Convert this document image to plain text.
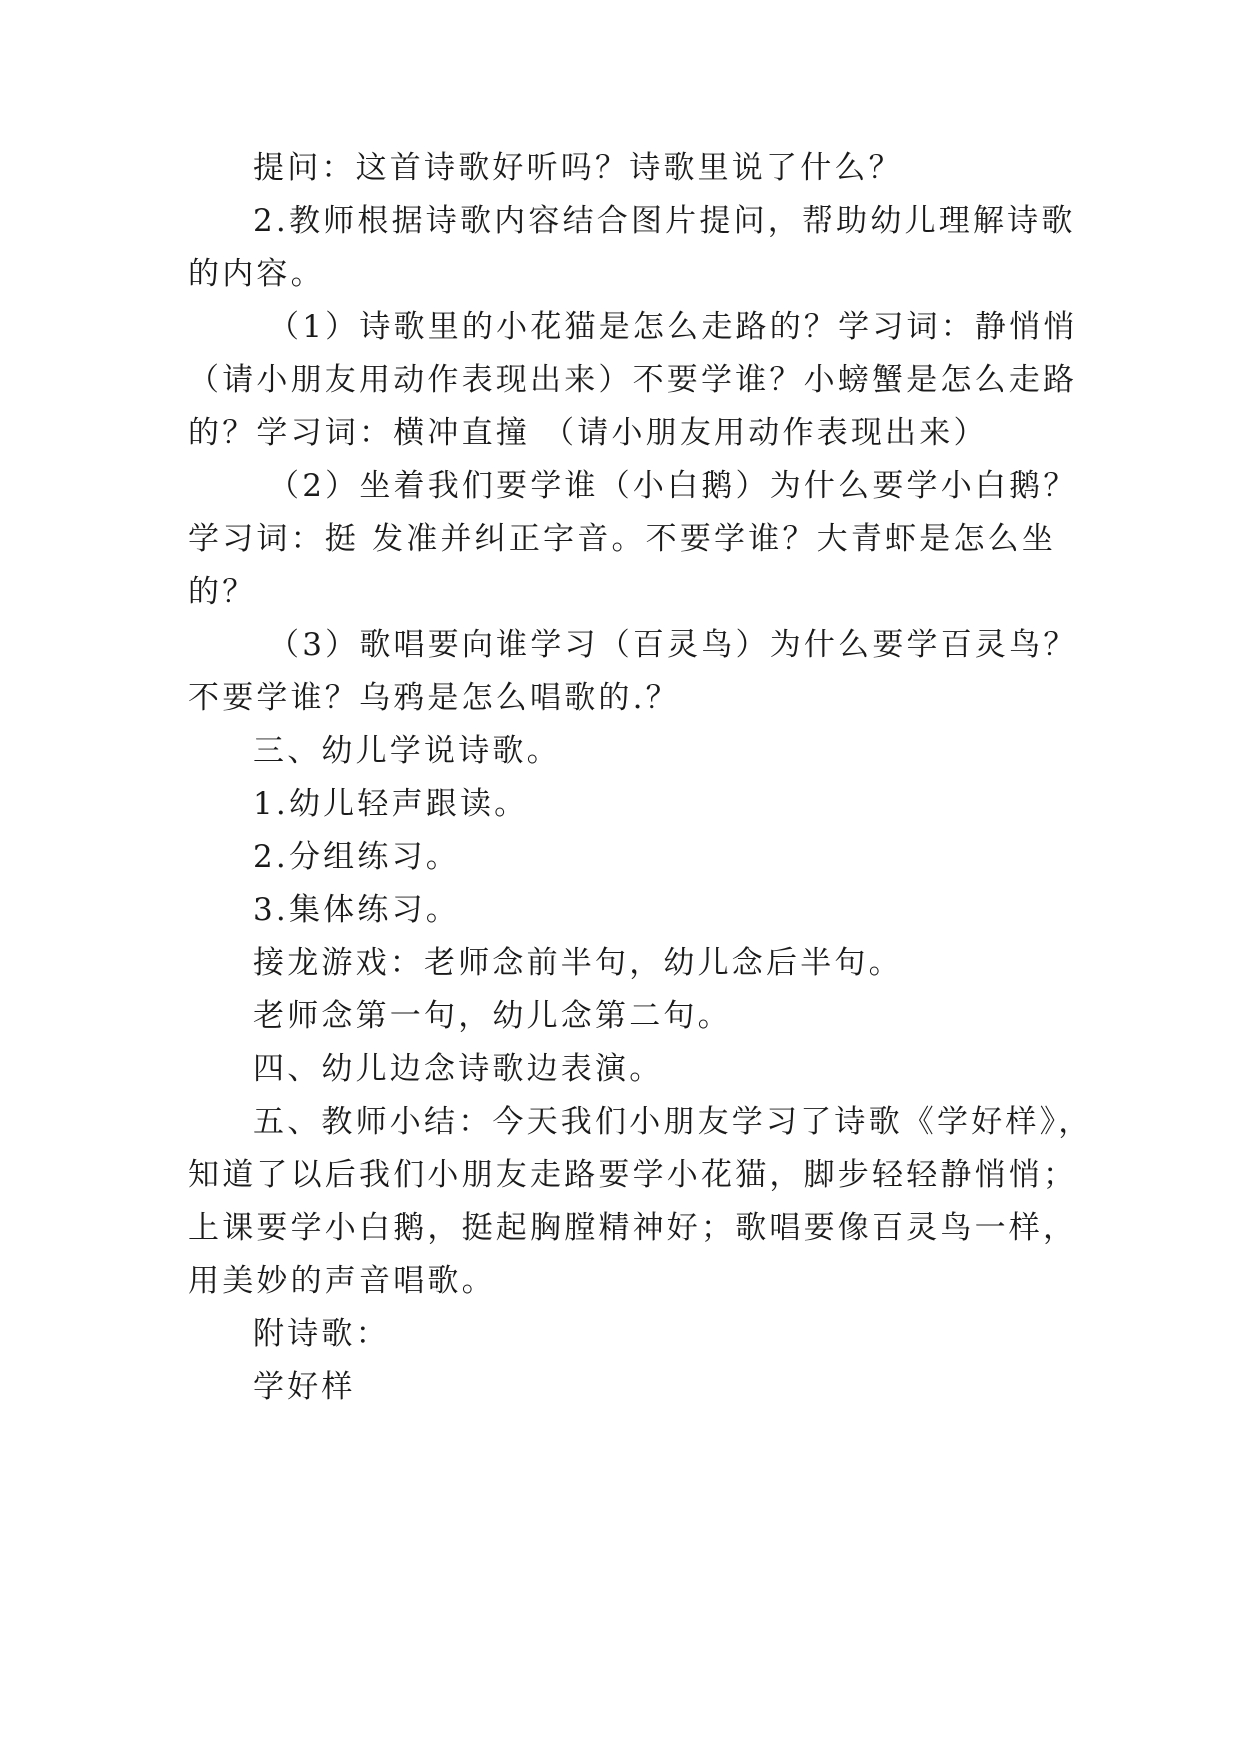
提问：这首诗歌好听吗？诗歌里说了什么？
2.教师根据诗歌内容结合图片提问，帮助幼儿理解诗歌
的内容。
（1）诗歌里的小花猫是怎么走路的？学习词：静悄悄
（请小朋友用动作表现出来）不要学谁？小螃蟹是怎么走路
的？学习词：横冲直撞 （请小朋友用动作表现出来）
（2）坐着我们要学谁（小白鹅）为什么要学小白鹅？
学习词：挺 发准并纠正字音。不要学谁？大青虾是怎么坐
的？
（3）歌唱要向谁学习（百灵鸟）为什么要学百灵鸟？
不要学谁？乌鸦是怎么唱歌的.？
三、幼儿学说诗歌。
1.幼儿轻声跟读。
2.分组练习。
3.集体练习。
接龙游戏：老师念前半句，幼儿念后半句。
老师念第一句，幼儿念第二句。
四、幼儿边念诗歌边表演。
五、教师小结：今天我们小朋友学习了诗歌《学好样》，
知道了以后我们小朋友走路要学小花猫，脚步轻轻静悄悄；
上课要学小白鹅，挺起胸膛精神好；歌唱要像百灵鸟一样，
用美妙的声音唱歌。
附诗歌：
学好样
